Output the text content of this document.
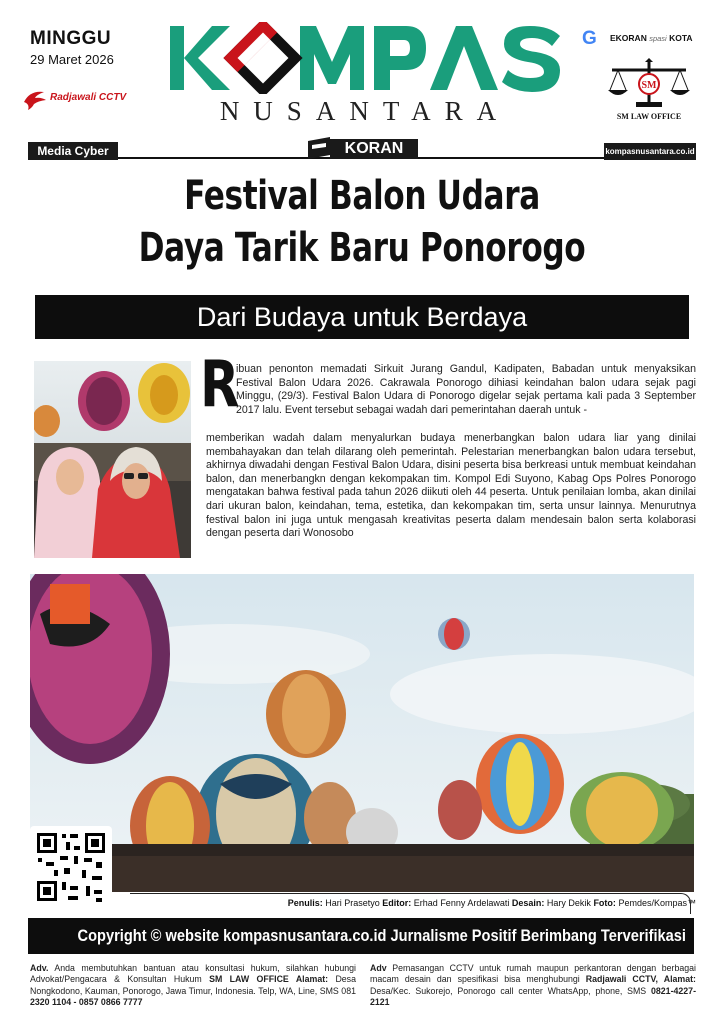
MINGGU
29 Maret 2026
Radjawali CCTV	NUSANTARA
G EKORAN spasi KOTA
SM
SM LAW OFFICE
Media Cyber	KORAN	kompasnusantara.co.id
Festival Balon Udara
Daya Tarik Baru Ponorogo
Dari Budaya untuk Berdaya
R
ibuan penonton memadati Sirkuit Jurang Gandul, Kadipaten, Babadan untuk menyaksikan Festival Balon Udara 2026. Cakrawala Ponorogo dihiasi keindahan balon udara sejak pagi Minggu, (29/3). Festival Balon Udara di Ponorogo digelar sejak pertama kali pada 3 September 2017 lalu. Event tersebut sebagai wadah dari pemerintahan daerah untuk -
memberikan wadah dalam menyalurkan budaya menerbangkan balon udara liar yang dinilai membahayakan dan telah dilarang oleh pemerintah. Pelestarian menerbangkan balon udara tersebut, akhirnya diwadahi dengan Festival Balon Udara, disini peserta bisa berkreasi untuk membuat keindahan balon, dan menerbangkn dengan kekompakan tim. Kompol Edi Suyono, Kabag Ops Polres Ponorogo mengatakan bahwa festival pada tahun 2026 diikuti oleh 44 peserta. Untuk penilaian lomba, akan dinilai dari ukuran balon, keindahan, tema, estetika, dan kekompakan tim, serta unsur lainnya. Menurutnya festival balon ini juga untuk mengasah kreativitas peserta dalam mendesain balon serta kolaborasi dengan peserta dari Wonosobo
Penulis: Hari Prasetyo Editor: Erhad Fenny Ardelawati Desain: Hary Dekik Foto: Pemdes/Kompas™
Copyright © website kompasnusantara.co.id Jurnalisme Positif Berimbang Terverifikasi
Adv. Anda membutuhkan bantuan atau konsultasi hukum, silahkan hubungi Advokat/Pengacara & Konsultan Hukum SM LAW OFFICE Alamat: Desa Nongkodono, Kauman, Ponorogo, Jawa Timur, Indonesia. Telp, WA, Line, SMS 081 2320 1104 - 0857 0866 7777
Adv Pemasangan CCTV untuk rumah maupun perkantoran dengan berbagai macam desain dan spesifikasi bisa menghubungi Radjawali CCTV, Alamat: Desa/Kec. Sukorejo, Ponorogo call center WhatsApp, phone, SMS 0821-4227-2121
